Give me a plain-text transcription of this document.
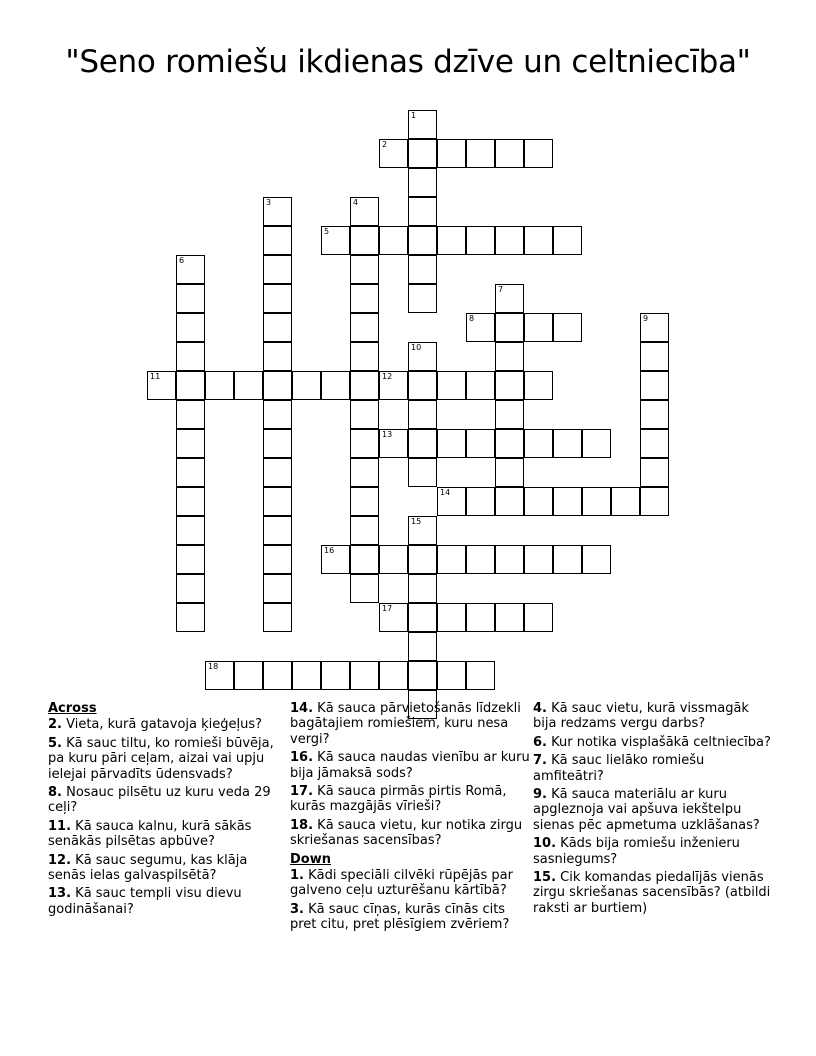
"Seno romiešu ikdienas dzīve un celtniecība"
1
2
3	4
5
6
7
8	9
10
11	12
13
14
15
16
17
18
Across
2. Vieta, kurā gatavoja ķieģeļus?
5. Kā sauc tiltu, ko romieši būvēja, pa kuru pāri ceļam, aizai vai upju ielejai pārvadīts ūdensvads?
8. Nosauc pilsētu uz kuru veda 29 ceļi?
11. Kā sauca kalnu, kurā sākās senākās pilsētas apbūve?
12. Kā sauc segumu, kas klāja senās ielas galvaspilsētā?
13. Kā sauc templi visu dievu godināšanai?
14. Kā sauca pārvietošanās līdzekli bagātajiem romiešiem, kuru nesa vergi?
16. Kā sauca naudas vienību ar kuru bija jāmaksā sods?
17. Kā sauca pirmās pirtis Romā, kurās mazgājās vīrieši?
18. Kā sauca vietu, kur notika zirgu skriešanas sacensības?
Down
1. Kādi speciāli cilvēki rūpējās par galveno ceļu uzturēšanu kārtībā?
3. Kā sauc cīņas, kurās cīnās cits pret citu, pret plēsīgiem zvēriem?
4. Kā sauc vietu, kurā vissmagāk bija redzams vergu darbs?
6. Kur notika visplašākā celtniecība?
7. Kā sauc lielāko romiešu amfiteātri?
9. Kā sauca materiālu ar kuru apgleznoja vai apšuva iekštelpu sienas pēc apmetuma uzklāšanas?
10. Kāds bija romiešu inženieru sasniegums?
15. Cik komandas piedalījās vienās zirgu skriešanas sacensībās? (atbildi raksti ar burtiem)
